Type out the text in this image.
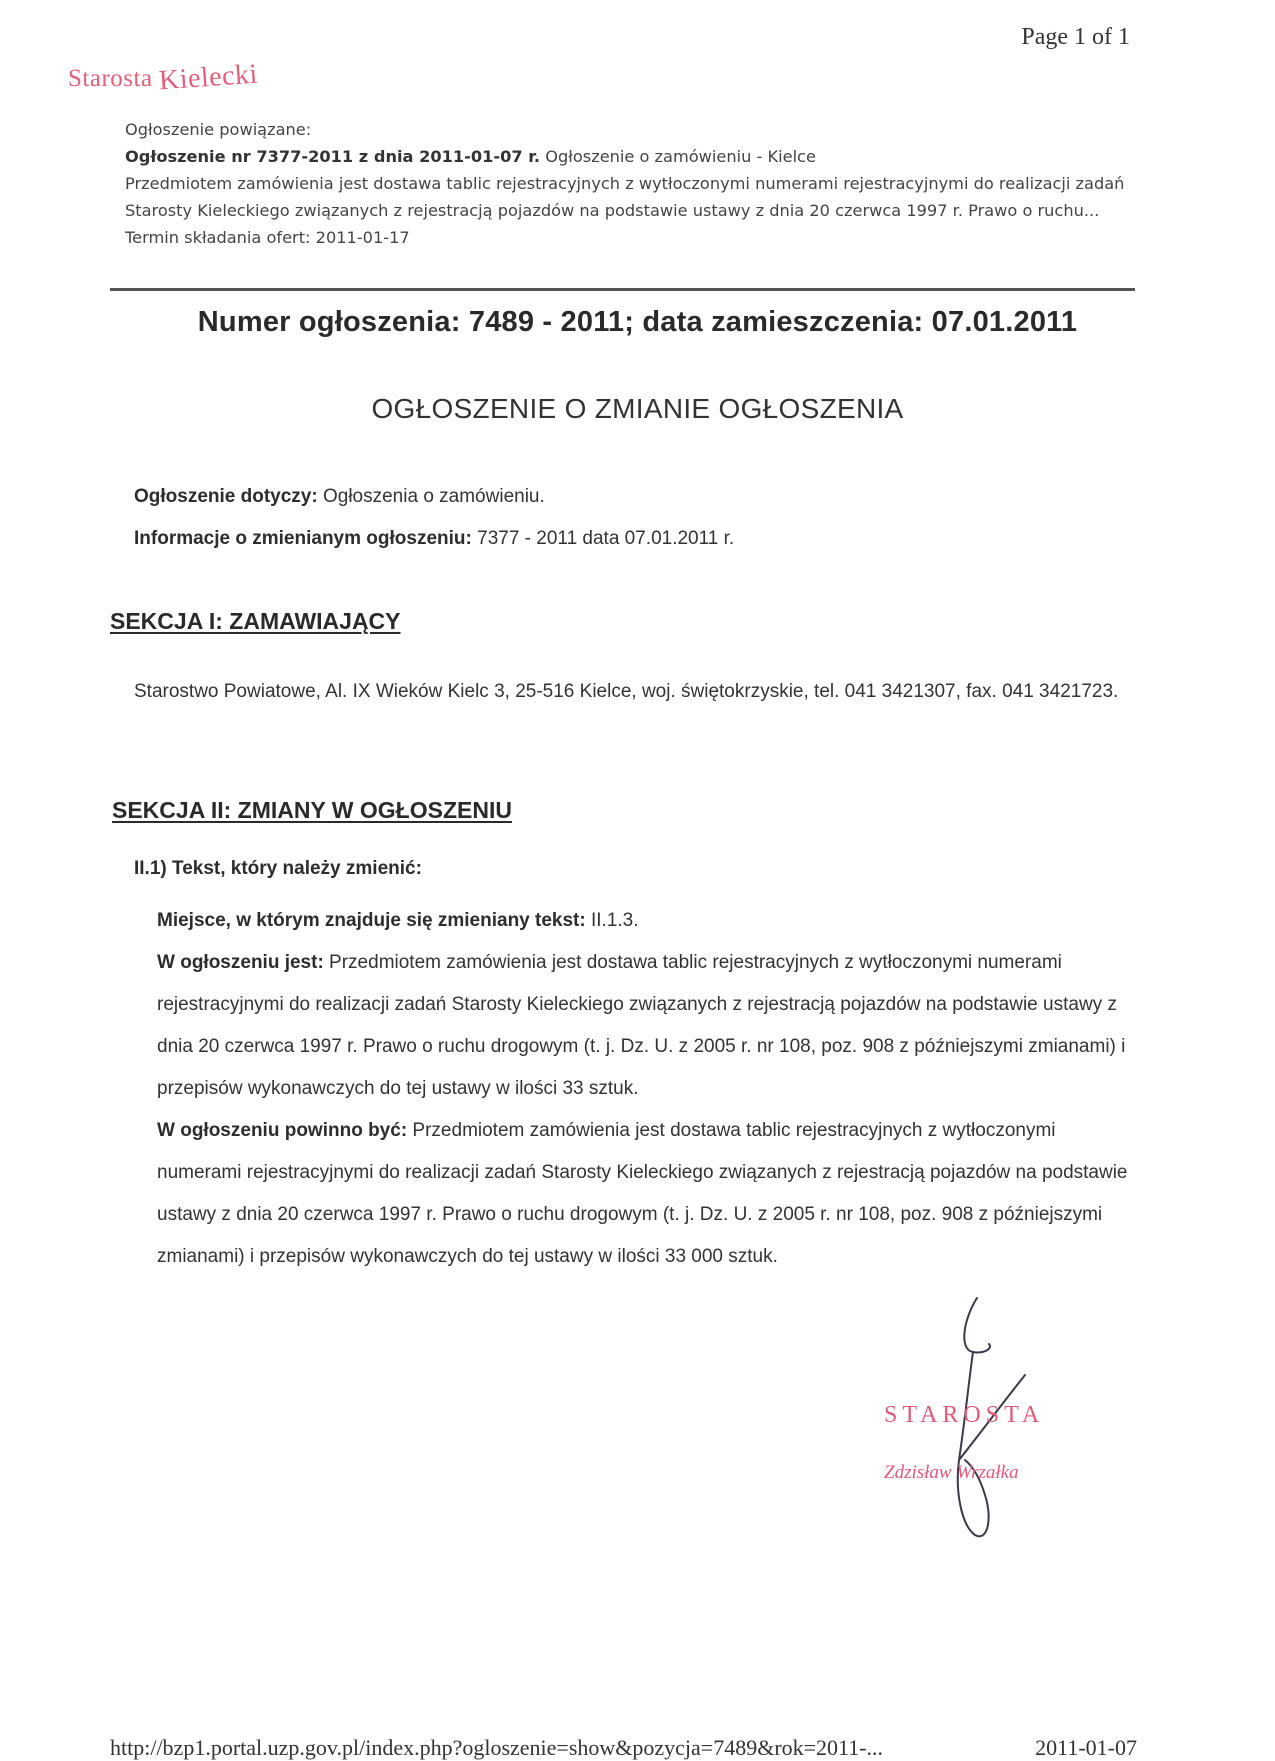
Page 1 of 1
Starosta Kielecki

Ogłoszenie powiązane:

Ogłoszenie nr 7377-2011 z dnia 2011-01-07 r. Ogłoszenie o zamówieniu - Kielce

Przedmiotem zamówienia jest dostawa tablic rejestracyjnych z wytłoczonymi numerami rejestracyjnymi do realizacji zadań Starosty Kieleckiego związanych z rejestracją pojazdów na podstawie ustawy z dnia 20 czerwca 1997 r. Prawo o ruchu...

Termin składania ofert: 2011-01-17

Numer ogłoszenia: 7489 - 2011; data zamieszczenia: 07.01.2011
OGŁOSZENIE O ZMIANIE OGŁOSZENIA
Ogłoszenie dotyczy: Ogłoszenia o zamówieniu.
Informacje o zmienianym ogłoszeniu: 7377 - 2011 data 07.01.2011 r.
SEKCJA I: ZAMAWIAJĄCY
Starostwo Powiatowe, Al. IX Wieków Kielc 3, 25-516 Kielce, woj. świętokrzyskie, tel. 041 3421307, fax. 041 3421723.
SEKCJA II: ZMIANY W OGŁOSZENIU
II.1) Tekst, który należy zmienić:

Miejsce, w którym znajduje się zmieniany tekst: II.1.3.

W ogłoszeniu jest: Przedmiotem zamówienia jest dostawa tablic rejestracyjnych z wytłoczonymi numerami rejestracyjnymi do realizacji zadań Starosty Kieleckiego związanych z rejestracją pojazdów na podstawie ustawy z dnia 20 czerwca 1997 r. Prawo o ruchu drogowym (t. j. Dz. U. z 2005 r. nr 108, poz. 908 z późniejszymi zmianami) i przepisów wykonawczych do tej ustawy w ilości 33 sztuk.

W ogłoszeniu powinno być: Przedmiotem zamówienia jest dostawa tablic rejestracyjnych z wytłoczonymi numerami rejestracyjnymi do realizacji zadań Starosty Kieleckiego związanych z rejestracją pojazdów na podstawie ustawy z dnia 20 czerwca 1997 r. Prawo o ruchu drogowym (t. j. Dz. U. z 2005 r. nr 108, poz. 908 z późniejszymi zmianami) i przepisów wykonawczych do tej ustawy w ilości 33 000 sztuk.

STAROSTA
Zdzisław Wrzałka
http://bzp1.portal.uzp.gov.pl/index.php?ogloszenie=show&pozycja=7489&rok=2011-...	2011-01-07
